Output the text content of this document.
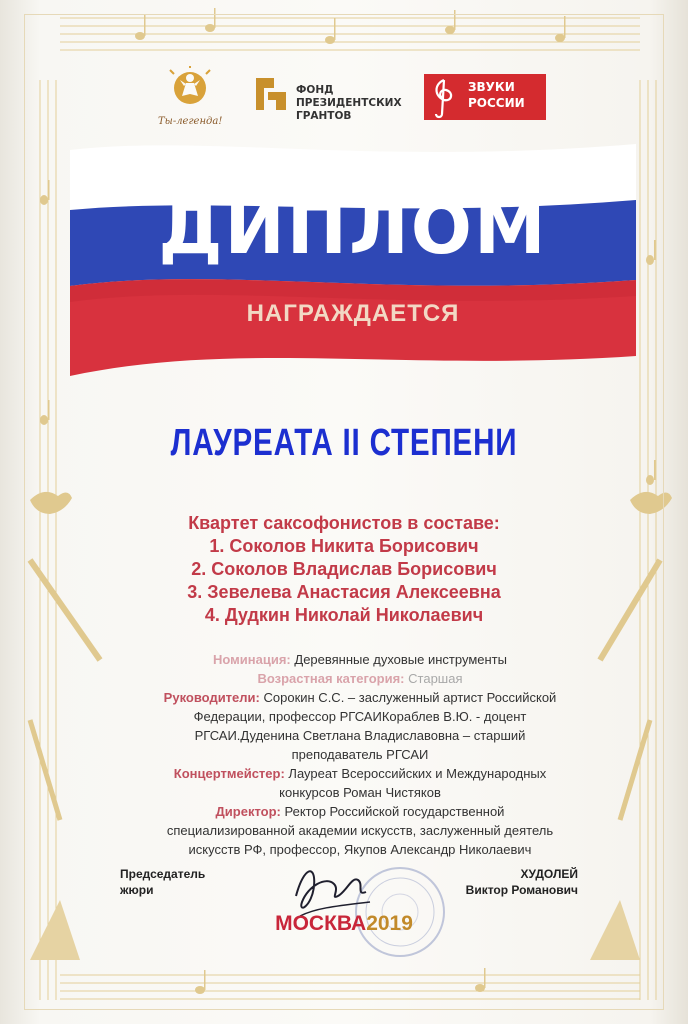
Ты-легенда!
ФОНД
ПРЕЗИДЕНТСКИХ
ГРАНТОВ
ЗВУКИ
РОССИИ
ДИПЛОМ
НАГРАЖДАЕТСЯ
ЛАУРЕАТА II СТЕПЕНИ
Квартет саксофонистов в составе:
1. Соколов Никита Борисович
2. Соколов Владислав Борисович
3. Зевелева Анастасия Алексеевна
4. Дудкин Николай Николаевич
Номинация: Деревянные духовые инструменты
Возрастная категория: Старшая
Руководители: Сорокин С.С. – заслуженный артист Российской
Федерации, профессор РГСАИКораблев В.Ю. - доцент
РГСАИ.Дуденина Светлана Владиславовна – старший
преподаватель РГСАИ
Концертмейстер: Лауреат Всероссийских и Международных
конкурсов Роман Чистяков
Директор: Ректор Российской государственной
специализированной академии искусств, заслуженный деятель
искусств РФ, профессор, Якупов Александр Николаевич
Председатель
жюри
ХУДОЛЕЙ
Виктор Романович
МОСКВА2019
